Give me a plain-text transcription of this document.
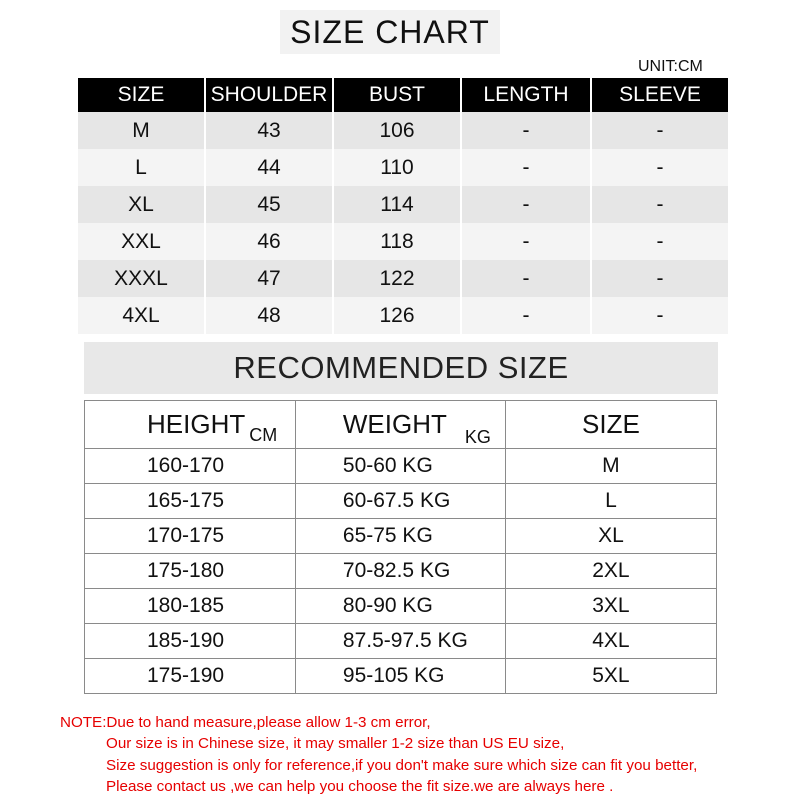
SIZE CHART
UNIT:CM
SIZE	SHOULDER	BUST	LENGTH	SLEEVE
M	43	106	-	-
L	44	110	-	-
XL	45	114	-	-
XXL	46	118	-	-
XXXL	47	122	-	-
4XL	48	126	-	-
RECOMMENDED SIZE
HEIGHT CM	WEIGHT KG	SIZE
160-170	50-60 KG	M
165-175	60-67.5 KG	L
170-175	65-75 KG	XL
175-180	70-82.5 KG	2XL
180-185	80-90 KG	3XL
185-190	87.5-97.5 KG	4XL
175-190	95-105 KG	5XL
NOTE:Due to hand measure,please allow 1-3 cm error,
Our size is in Chinese size, it may smaller 1-2 size than US EU size,
Size suggestion is only for reference,if you don't make sure which size can fit you better,
Please contact us ,we can help you choose the fit size.we are always here .
